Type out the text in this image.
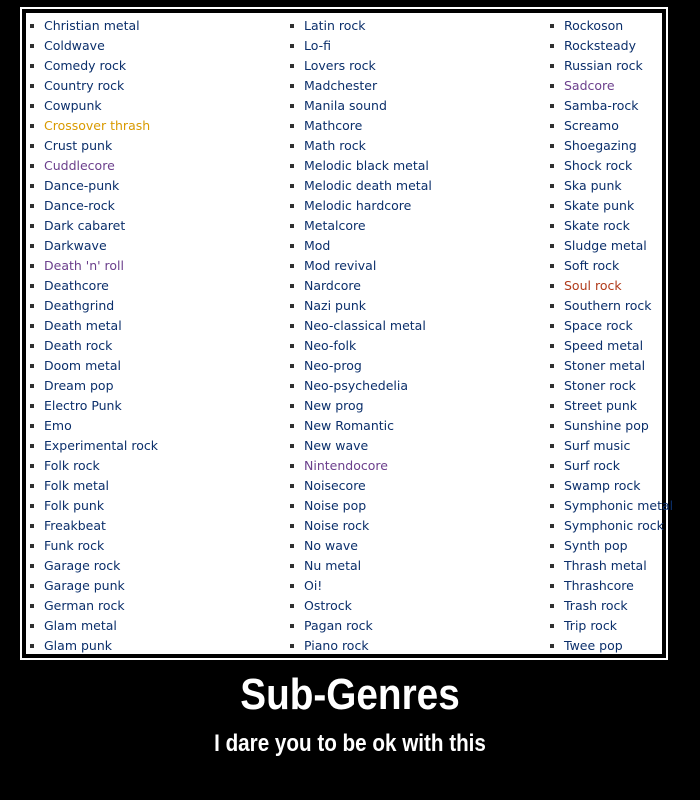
Christian metal
Coldwave
Comedy rock
Country rock
Cowpunk
Crossover thrash
Crust punk
Cuddlecore
Dance-punk
Dance-rock
Dark cabaret
Darkwave
Death 'n' roll
Deathcore
Deathgrind
Death metal
Death rock
Doom metal
Dream pop
Electro Punk
Emo
Experimental rock
Folk rock
Folk metal
Folk punk
Freakbeat
Funk rock
Garage rock
Garage punk
German rock
Glam metal
Glam punk
Latin rock
Lo-fi
Lovers rock
Madchester
Manila sound
Mathcore
Math rock
Melodic black metal
Melodic death metal
Melodic hardcore
Metalcore
Mod
Mod revival
Nardcore
Nazi punk
Neo-classical metal
Neo-folk
Neo-prog
Neo-psychedelia
New prog
New Romantic
New wave
Nintendocore
Noisecore
Noise pop
Noise rock
No wave
Nu metal
Oi!
Ostrock
Pagan rock
Piano rock
Rockoson
Rocksteady
Russian rock
Sadcore
Samba-rock
Screamo
Shoegazing
Shock rock
Ska punk
Skate punk
Skate rock
Sludge metal
Soft rock
Soul rock
Southern rock
Space rock
Speed metal
Stoner metal
Stoner rock
Street punk
Sunshine pop
Surf music
Surf rock
Swamp rock
Symphonic metal
Symphonic rock
Synth pop
Thrash metal
Thrashcore
Trash rock
Trip rock
Twee pop
Sub-Genres
I dare you to be ok with this
